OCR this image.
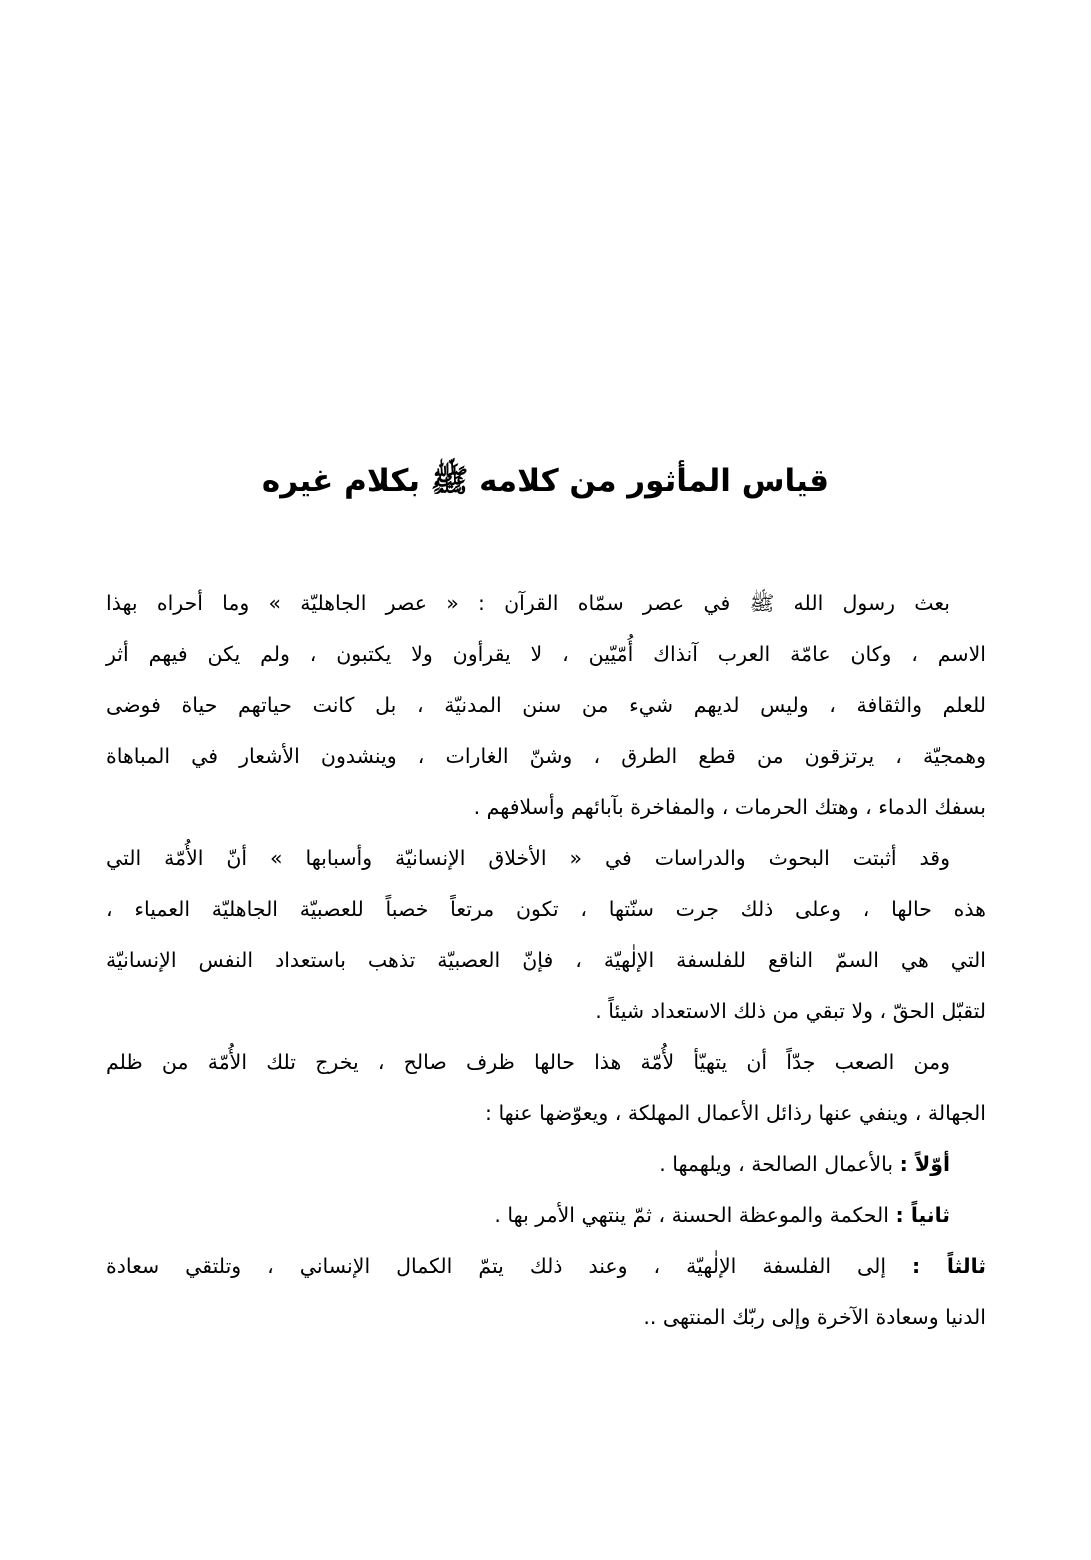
قياس المأثور من كلامه ﷺ بكلام غيره
بعث رسول الله ﷺ في عصر سمّاه القرآن : « عصر الجاهليّة » وما أحراه بهذا
الاسم ، وكان عامّة العرب آنذاك أُمّيّين ، لا يقرأون ولا يكتبون ، ولم يكن فيهم أثر
للعلم والثقافة ، وليس لديهم شيء من سنن المدنيّة ، بل كانت حياتهم حياة فوضى
وهمجيّة ، يرتزقون من قطع الطرق ، وشنّ الغارات ، وينشدون الأشعار في المباهاة
بسفك الدماء ، وهتك الحرمات ، والمفاخرة بآبائهم وأسلافهم .
وقد أثبتت البحوث والدراسات في « الأخلاق الإنسانيّة وأسبابها » أنّ الأُمّة التي
هذه حالها ، وعلى ذلك جرت سنّتها ، تكون مرتعاً خصباً للعصبيّة الجاهليّة العمياء ،
التي هي السمّ الناقع للفلسفة الإلٰهيّة ، فإنّ العصبيّة تذهب باستعداد النفس الإنسانيّة
لتقبّل الحقّ ، ولا تبقي من ذلك الاستعداد شيئاً .
ومن الصعب جدّاً أن يتهيّأ لأُمّة هذا حالها ظرف صالح ، يخرج تلك الأُمّة من ظلم
الجهالة ، وينفي عنها رذائل الأعمال المهلكة ، ويعوّضها عنها :
أوّلاً : بالأعمال الصالحة ، ويلهمها .
ثانياً : الحكمة والموعظة الحسنة ، ثمّ ينتهي الأمر بها .
ثالثاً : إلى الفلسفة الإلٰهيّة ، وعند ذلك يتمّ الكمال الإنساني ، وتلتقي سعادة
الدنيا وسعادة الآخرة وإلى ربّك المنتهى ..
